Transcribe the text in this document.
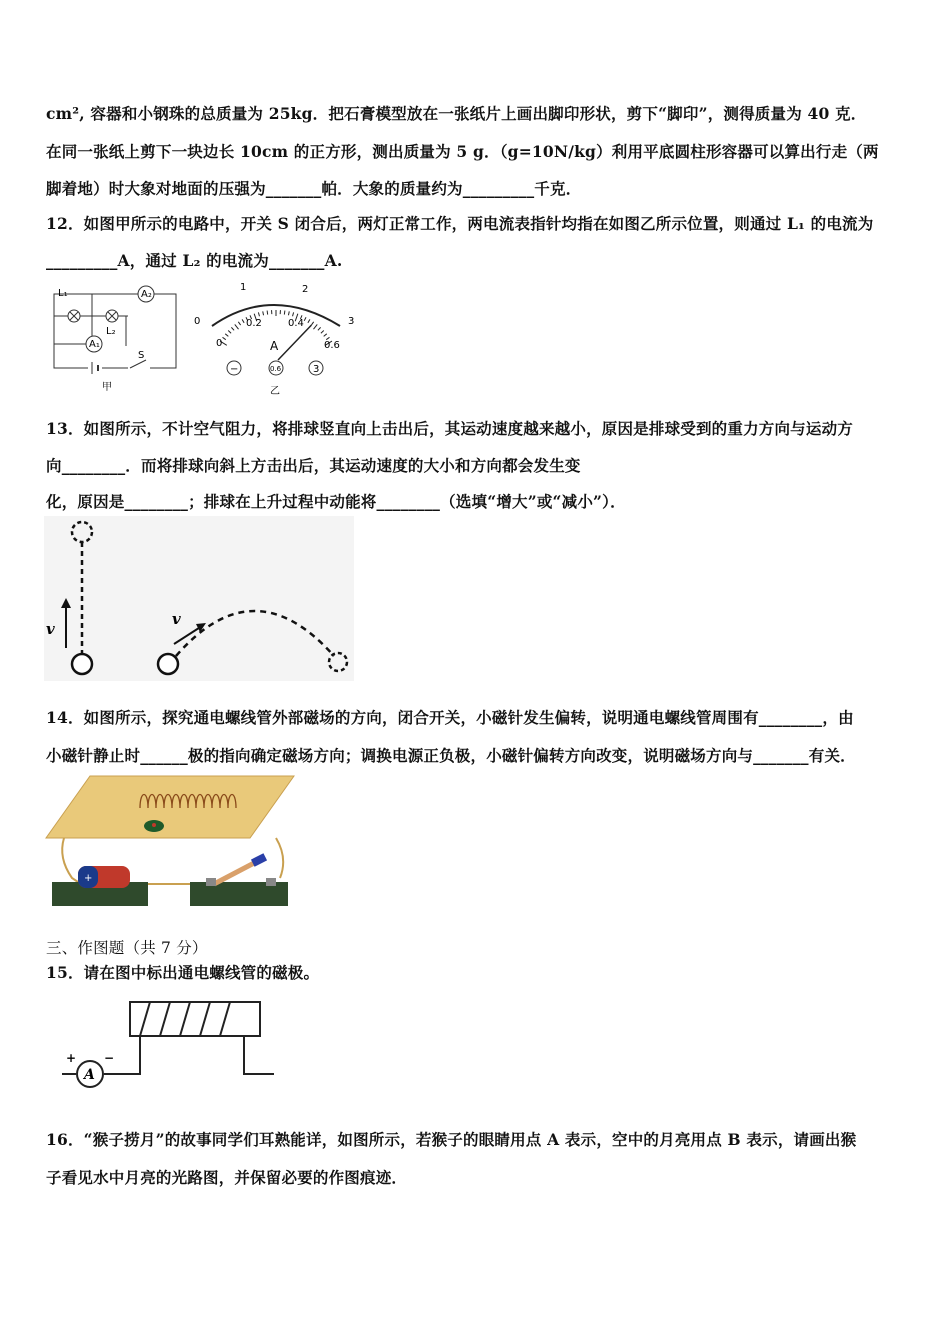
cm², 容器和小钢珠的总质量为 25kg．把石膏模型放在一张纸片上画出脚印形状，剪下“脚印”，测得质量为 40 克．
在同一张纸上剪下一块边长 10cm 的正方形，测出质量为 5 g．（g=10N/kg）利用平底圆柱形容器可以算出行走（两
脚着地）时大象对地面的压强为_______帕．大象的质量约为_________千克．
12．如图甲所示的电路中，开关 S 闭合后，两灯正常工作，两电流表指针均指在如图乙所示位置，则通过 L₁ 的电流为
_________A，通过 L₂ 的电流为_______A.
A₂
A₁
S
L₁
L₂
甲
0
1	2
3
0
0.2	0.4
0.6
A
−	0.6	3
乙
13．如图所示，不计空气阻力，将排球竖直向上击出后，其运动速度越来越小，原因是排球受到的重力方向与运动方
向________．而将排球向斜上方击出后，其运动速度的大小和方向都会发生变
化，原因是________；排球在上升过程中动能将________（选填“增大”或“减小”）．
v
v
14．如图所示，探究通电螺线管外部磁场的方向，闭合开关，小磁针发生偏转，说明通电螺线管周围有________，由
小磁针静止时______极的指向确定磁场方向；调换电源正负极，小磁针偏转方向改变，说明磁场方向与_______有关．
+
三、作图题（共 7 分）
15．请在图中标出通电螺线管的磁极。
A
+ −
16．“猴子捞月”的故事同学们耳熟能详，如图所示，若猴子的眼睛用点 A 表示，空中的月亮用点 B 表示，请画出猴
子看见水中月亮的光路图，并保留必要的作图痕迹．
